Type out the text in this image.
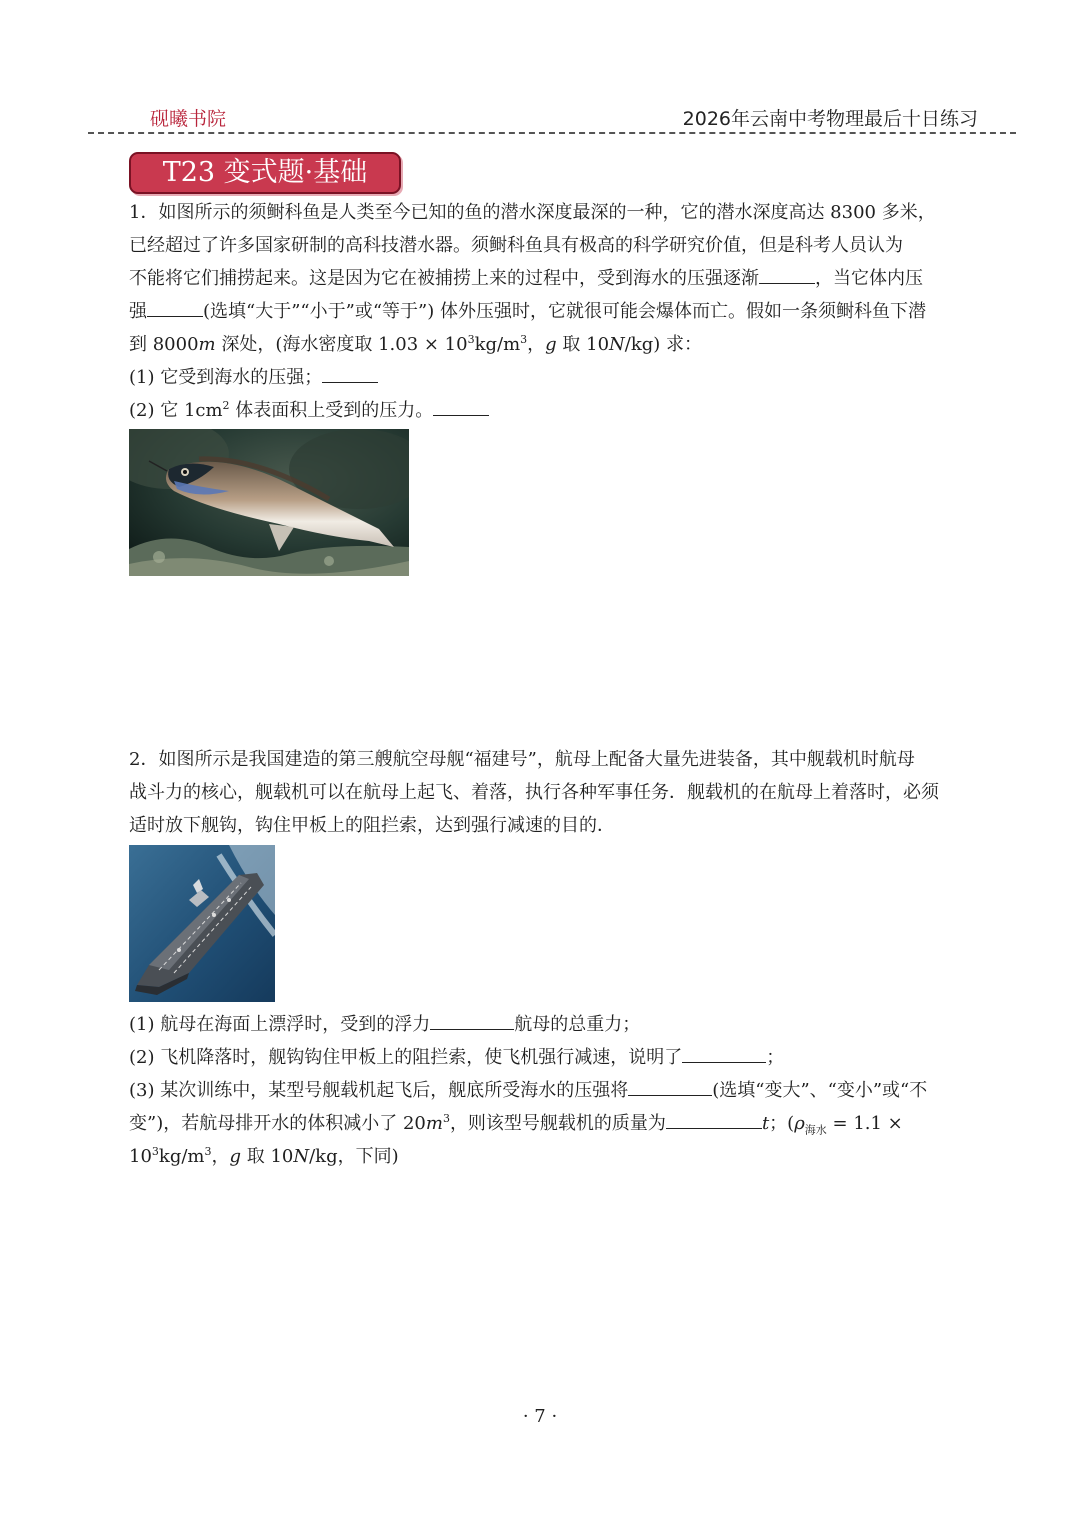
砚曦书院	2026年云南中考物理最后十日练习
T23 变式题·基础
1．如图所示的须鲥科鱼是人类至今已知的鱼的潜水深度最深的一种，它的潜水深度高达 8300 多米，
已经超过了许多国家研制的高科技潜水器。须鲥科鱼具有极高的科学研究价值，但是科考人员认为
不能将它们捕捞起来。这是因为它在被捕捞上来的过程中，受到海水的压强逐渐	，当它体内压
强	(选填“大于”“小于”或“等于”) 体外压强时，它就很可能会爆体而亡。假如一条须鲥科鱼下潜
到 8000m 深处，(海水密度取 $1.03 \times 10^3kg/m^3$，g 取 10N/kg) 求：
(1) 它受到海水的压强；
(2) 它 $1cm^2$ 体表面积上受到的压力。
2．如图所示是我国建造的第三艘航空母舰“福建号”，航母上配备大量先进装备，其中舰载机时航母
战斗力的核心，舰载机可以在航母上起飞、着落，执行各种军事任务．舰载机的在航母上着落时，必须
适时放下舰钩，钩住甲板上的阻拦索，达到强行减速的目的．
(1) 航母在海面上漂浮时，受到的浮力	航母的总重力；
(2) 飞机降落时，舰钩钩住甲板上的阻拦索，使飞机强行减速，说明了	；
(3) 某次训练中，某型号舰载机起飞后，舰底所受海水的压强将	(选填“变大”、“变小”或“不
变”)，若航母排开水的体积减小了 $20m^3$，则该型号舰载机的质量为	t；($\rho_{海水} = 1.1$ ×
$10^3kg/m^3$，g 取 10N/kg，下同)
· 7 ·
